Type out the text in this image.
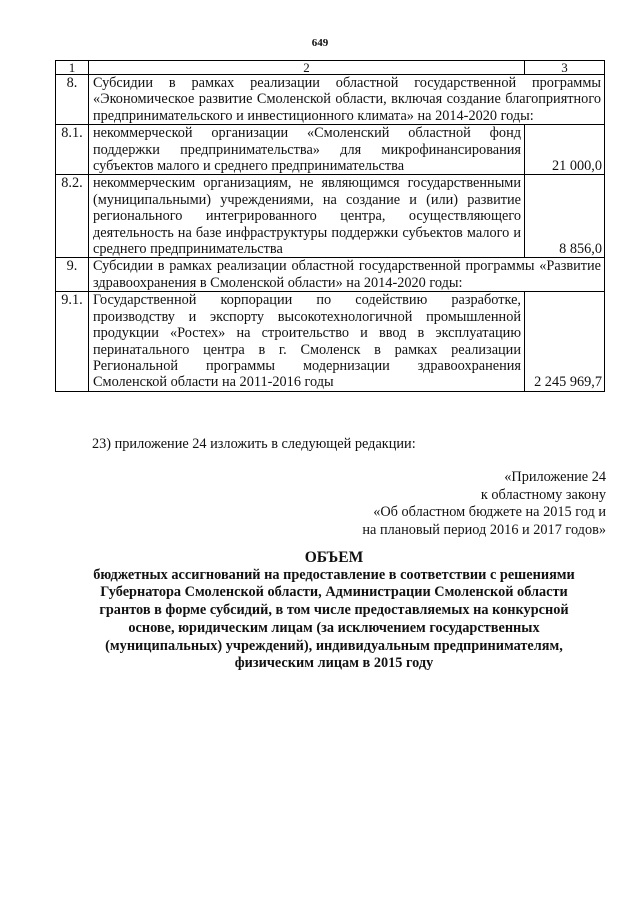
649
1	2	3
8.	Субсидии в рамках реализации областной государственной программы «Экономическое развитие Смоленской области, включая создание благоприятного предпринимательского и инвестиционного климата» на 2014-2020 годы:	
8.1.	некоммерческой организации «Смоленский областной фонд поддержки предпринимательства» для микрофинансирования субъектов малого и среднего предпринимательства	21 000,0
8.2.	некоммерческим организациям, не являющимся государственными (муниципальными) учреждениями, на создание и (или) развитие регионального интегрированного центра, осуществляющего деятельность на базе инфраструктуры поддержки субъектов малого и среднего предпринимательства	8 856,0
9.	Субсидии в рамках реализации областной государственной программы «Развитие здравоохранения в Смоленской области» на 2014-2020 годы:	
9.1.	Государственной корпорации по содействию разработке, производству и экспорту высокотехнологичной промышленной продукции «Ростех» на строительство и ввод в эксплуатацию перинатального центра в г. Смоленск в рамках реализации Региональной программы модернизации здравоохранения Смоленской области на 2011-2016 годы	2 245 969,7
23) приложение 24 изложить в следующей редакции:
«Приложение 24
к областному закону
«Об областном бюджете на 2015 год и
на плановый период 2016 и 2017 годов»
ОБЪЕМ
бюджетных ассигнований на предоставление в соответствии с решениями
Губернатора Смоленской области, Администрации Смоленской области
грантов в форме субсидий, в том числе предоставляемых на конкурсной
основе, юридическим лицам (за исключением государственных
(муниципальных) учреждений), индивидуальным предпринимателям,
физическим лицам в 2015 году
